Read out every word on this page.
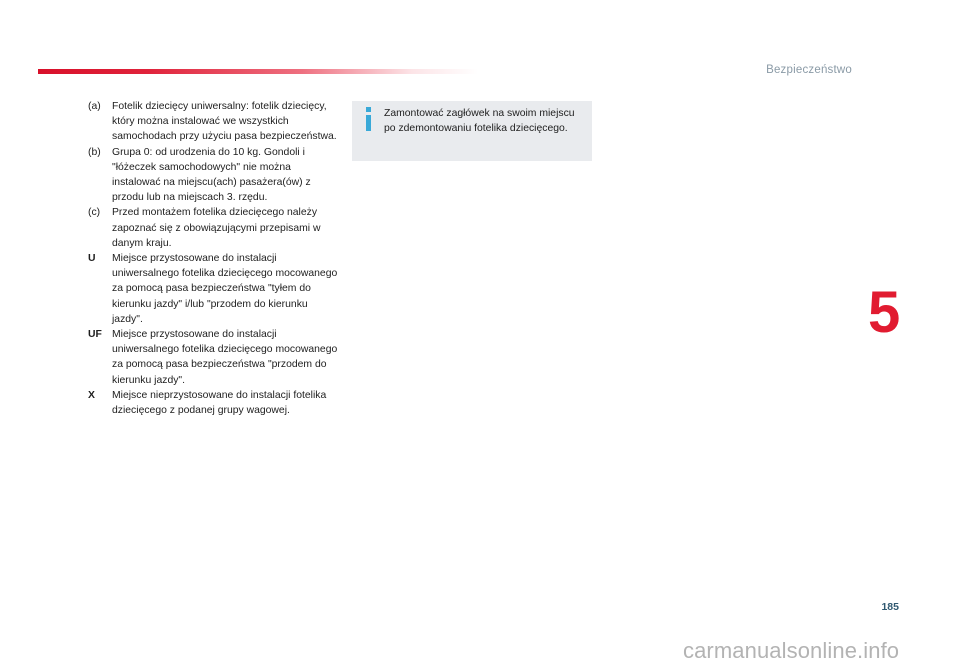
Bezpieczeństwo
5
(a)	Fotelik dziecięcy uniwersalny: fotelik dziecięcy, który można instalować we wszystkich samochodach przy użyciu pasa bezpieczeństwa.
(b)	Grupa 0: od urodzenia do 10 kg. Gondoli i "łóżeczek samochodowych" nie można instalować na miejscu(ach) pasażera(ów) z przodu lub na miejscach 3. rzędu.
(c)	Przed montażem fotelika dziecięcego należy zapoznać się z obowiązującymi przepisami w danym kraju.
U	Miejsce przystosowane do instalacji uniwersalnego fotelika dziecięcego mocowanego za pomocą pasa bezpieczeństwa "tyłem do kierunku jazdy" i/lub "przodem do kierunku jazdy".
UF Miejsce przystosowane do instalacji uniwersalnego fotelika dziecięcego mocowanego za pomocą pasa bezpieczeństwa "przodem do kierunku jazdy".
X	Miejsce nieprzystosowane do instalacji fotelika dziecięcego z podanej grupy wagowej.
Zamontować zagłówek na swoim miejscu po zdemontowaniu fotelika dziecięcego.
185
carmanualsonline.info
